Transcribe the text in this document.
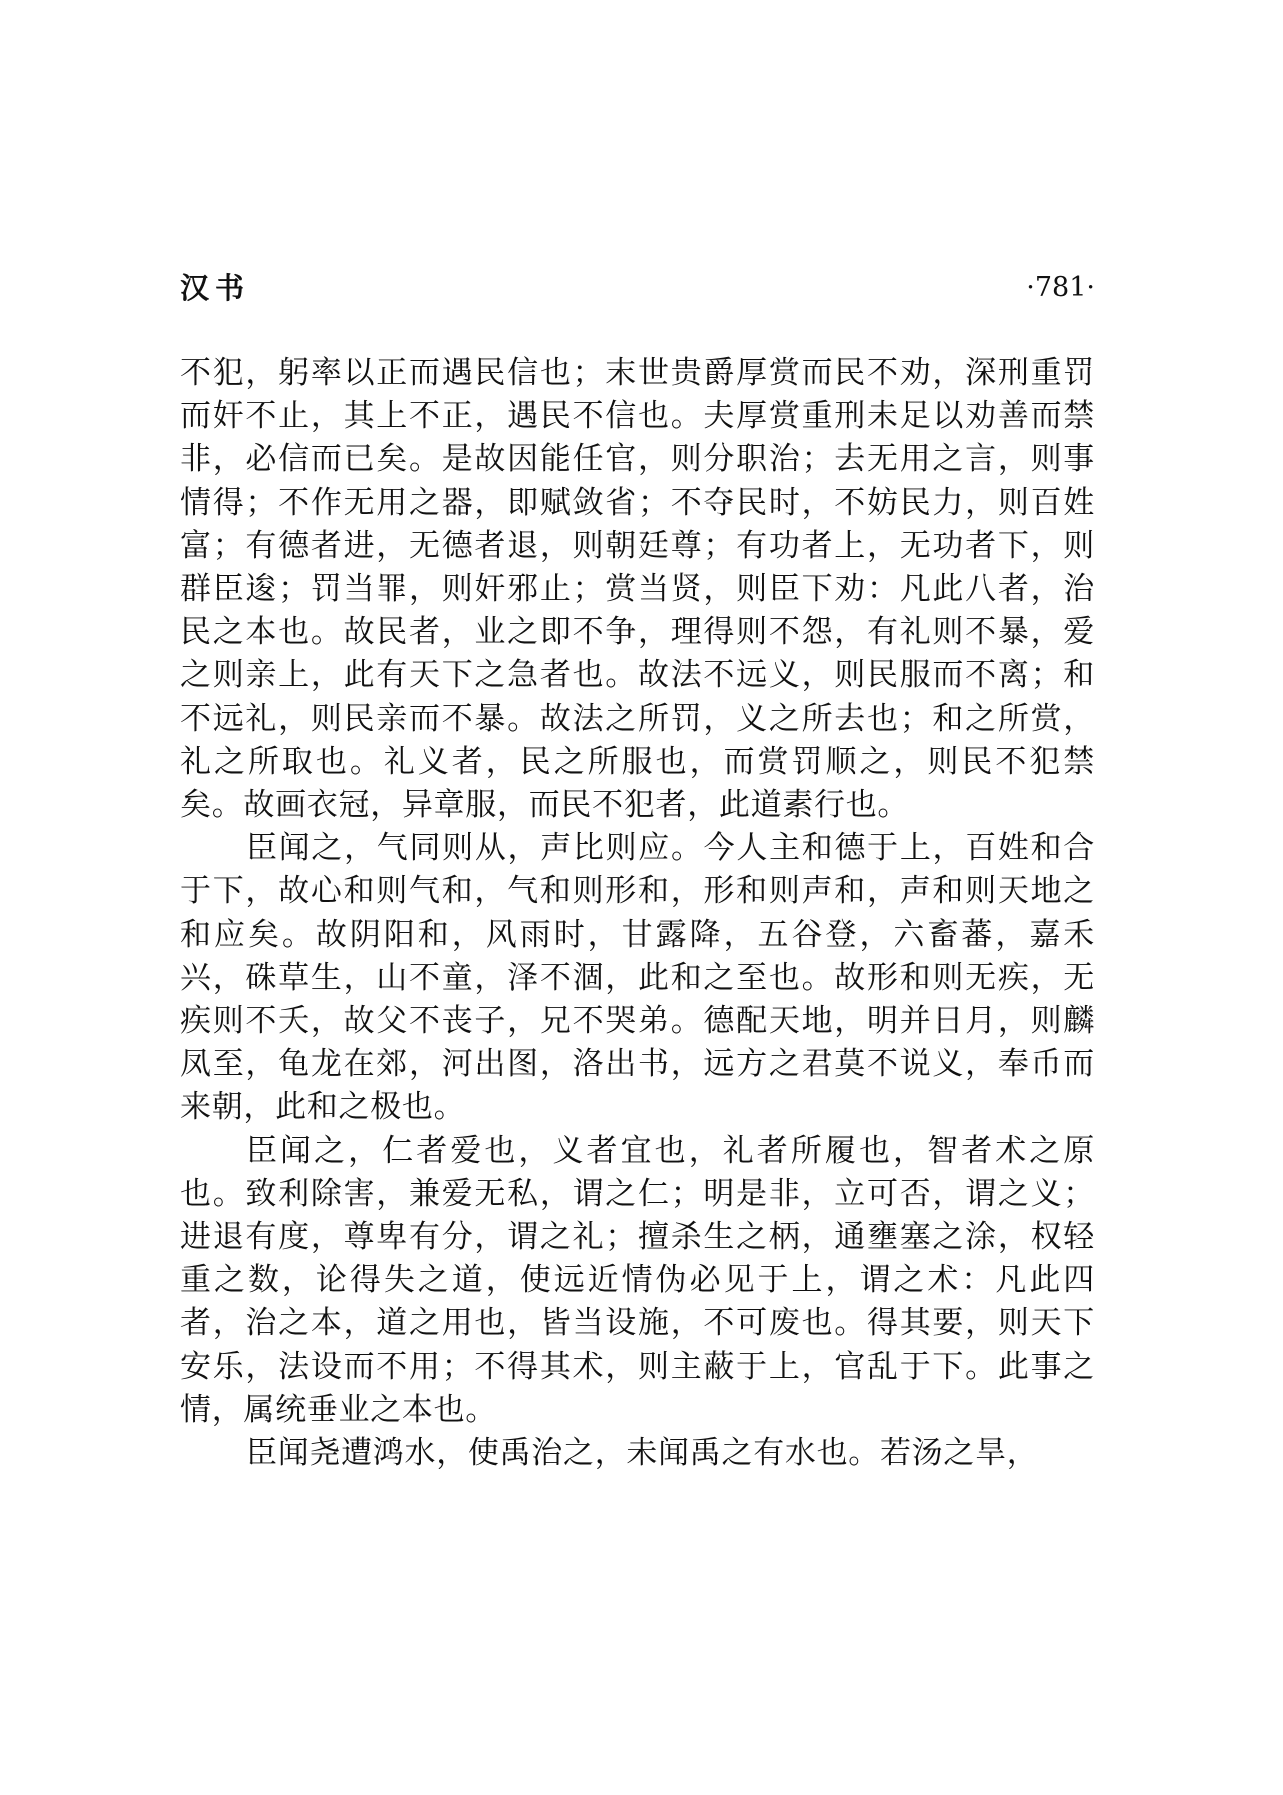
汉书	·781·

不犯，躬率以正而遇民信也；末世贵爵厚赏而民不劝，深刑重罚而奸不止，其上不正，遇民不信也。夫厚赏重刑未足以劝善而禁非，必信而已矣。是故因能任官，则分职治；去无用之言，则事情得；不作无用之器，即赋敛省；不夺民时，不妨民力，则百姓富；有德者进，无德者退，则朝廷尊；有功者上，无功者下，则群臣逡；罚当罪，则奸邪止；赏当贤，则臣下劝：凡此八者，治民之本也。故民者，业之即不争，理得则不怨，有礼则不暴，爱之则亲上，此有天下之急者也。故法不远义，则民服而不离；和不远礼，则民亲而不暴。故法之所罚，义之所去也；和之所赏，礼之所取也。礼义者，民之所服也，而赏罚顺之，则民不犯禁矣。故画衣冠，异章服，而民不犯者，此道素行也。

臣闻之，气同则从，声比则应。今人主和德于上，百姓和合于下，故心和则气和，气和则形和，形和则声和，声和则天地之和应矣。故阴阳和，风雨时，甘露降，五谷登，六畜蕃，嘉禾兴，硃草生，山不童，泽不涸，此和之至也。故形和则无疾，无疾则不夭，故父不丧子，兄不哭弟。德配天地，明并日月，则麟凤至，龟龙在郊，河出图，洛出书，远方之君莫不说义，奉币而来朝，此和之极也。

臣闻之，仁者爱也，义者宜也，礼者所履也，智者术之原也。致利除害，兼爱无私，谓之仁；明是非，立可否，谓之义；进退有度，尊卑有分，谓之礼；擅杀生之柄，通壅塞之涂，权轻重之数，论得失之道，使远近情伪必见于上，谓之术：凡此四者，治之本，道之用也，皆当设施，不可废也。得其要，则天下安乐，法设而不用；不得其术，则主蔽于上，官乱于下。此事之情，属统垂业之本也。

臣闻尧遭鸿水，使禹治之，未闻禹之有水也。若汤之旱，
